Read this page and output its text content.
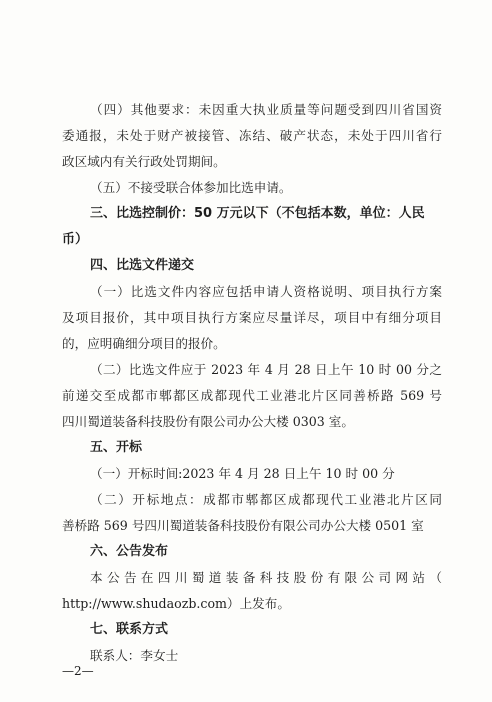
（四）其他要求：未因重大执业质量等问题受到四川省国资
委通报，未处于财产被接管、冻结、破产状态，未处于四川省行
政区域内有关行政处罚期间。
（五）不接受联合体参加比选申请。
三、比选控制价：50 万元以下（不包括本数，单位：人民
币）
四、比选文件递交
（一）比选文件内容应包括申请人资格说明、项目执行方案
及项目报价，其中项目执行方案应尽量详尽，项目中有细分项目
的，应明确细分项目的报价。
（二）比选文件应于 2023 年 4 月 28 日上午 10 时 00 分之
前递交至成都市郫都区成都现代工业港北片区同善桥路 569 号
四川蜀道装备科技股份有限公司办公大楼 0303 室。
五、开标
（一）开标时间:2023 年 4 月 28 日上午 10 时 00 分
（二）开标地点：成都市郫都区成都现代工业港北片区同
善桥路 569 号四川蜀道装备科技股份有限公司办公大楼 0501 室
六、公告发布
本公告在四川蜀道装备科技股份有限公司网站（
http://www.shudaozb.com）上发布。
七、联系方式
联系人：李女士
—2—
